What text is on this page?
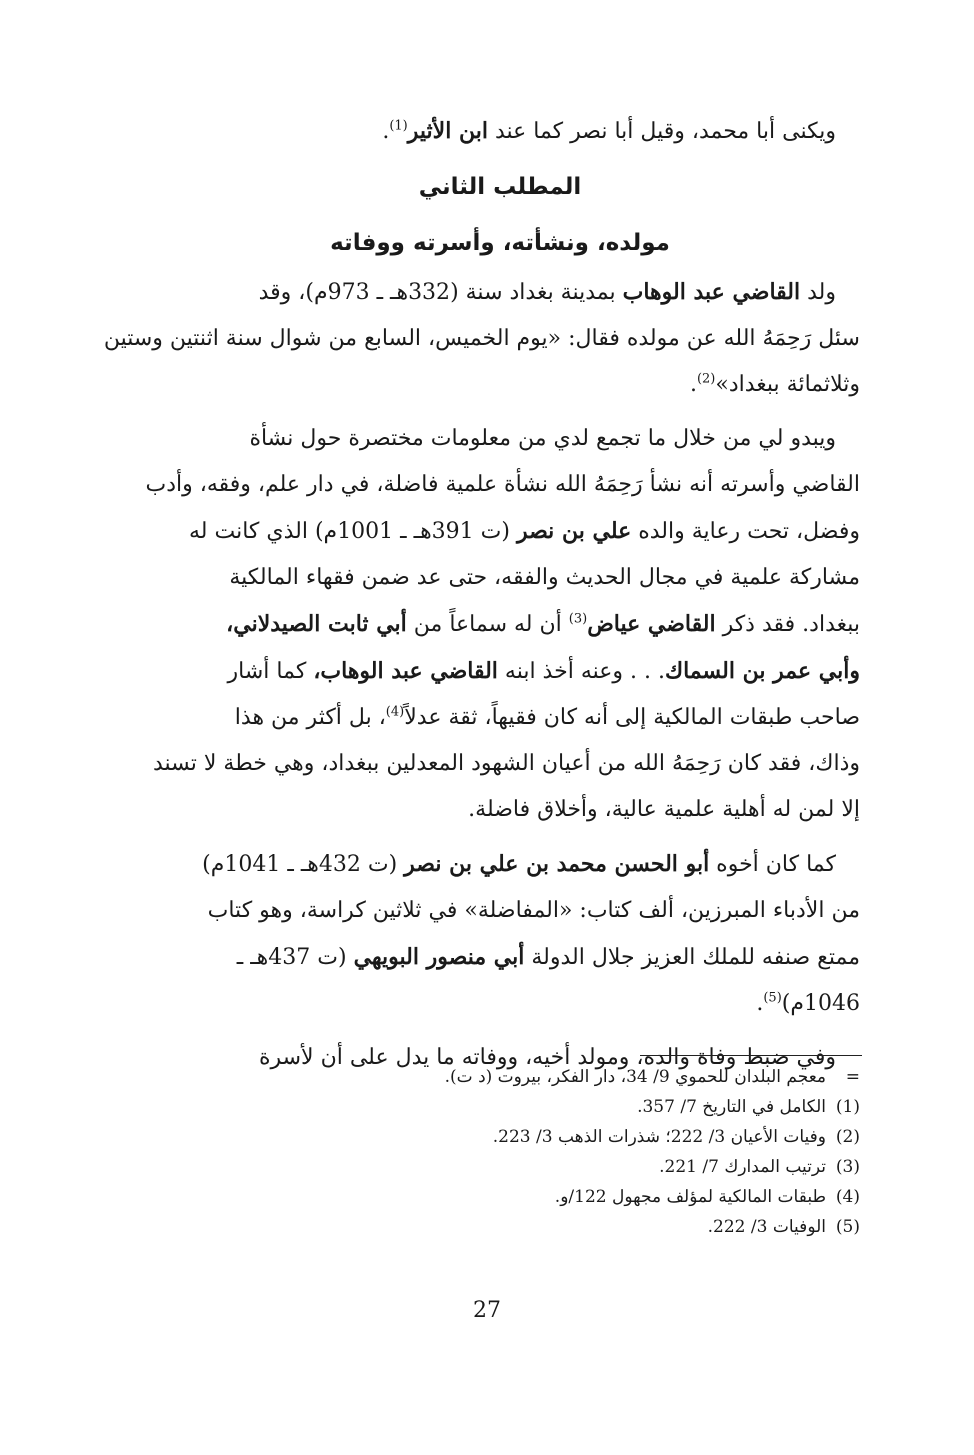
ويكنى أبا محمد، وقيل أبا نصر كما عند ابن الأثير$^{(1)}$.
المطلب الثاني
مولده، ونشأته، وأسرته ووفاته
ولد القاضي عبد الوهاب بمدينة بغداد سنة (332هـ ـ 973م)، وقد
سئل رَحِمَهُ الله عن مولده فقال: «يوم الخميس، السابع من شوال سنة اثنتين وستين
وثلاثمائة ببغداد»$^{(2)}$.
ويبدو لي من خلال ما تجمع لدي من معلومات مختصرة حول نشأة
القاضي وأسرته أنه نشأ رَحِمَهُ الله نشأة علمية فاضلة، في دار علم، وفقه، وأدب
وفضل، تحت رعاية والده علي بن نصر (ت 391هـ ـ 1001م) الذي كانت له
مشاركة علمية في مجال الحديث والفقه، حتى عد ضمن فقهاء المالكية
ببغداد. فقد ذكر القاضي عياض$^{(3)}$ أن له سماعاً من أبي ثابت الصيدلاني،
وأبي عمر بن السماك. . . وعنه أخذ ابنه القاضي عبد الوهاب، كما أشار
صاحب طبقات المالكية إلى أنه كان فقيهاً، ثقة عدلاً$^{(4)}$، بل أكثر من هذا
وذاك، فقد كان رَحِمَهُ الله من أعيان الشهود المعدلين ببغداد، وهي خطة لا تسند
إلا لمن له أهلية علمية عالية، وأخلاق فاضلة.
كما كان أخوه أبو الحسن محمد بن علي بن نصر (ت 432هـ ـ 1041م)
من الأدباء المبرزين، ألف كتاب: «المفاضلة» في ثلاثين كراسة، وهو كتاب
ممتع صنفه للملك العزيز جلال الدولة أبي منصور البويهي (ت 437هـ ـ
1046م)$^{(5)}$.
وفي ضبط وفاة والده، ومولد أخيه، ووفاته ما يدل على أن لأسرة
=
معجم البلدان للحموي 9/ 34، دار الفكر، بيروت (د ت).
(1)
الكامل في التاريخ 7/ 357.
(2)
وفيات الأعيان 3/ 222؛ شذرات الذهب 3/ 223.
(3)
ترتيب المدارك 7/ 221.
(4)
طبقات المالكية لمؤلف مجهول 122/و.
(5)
الوفيات 3/ 222.
27
